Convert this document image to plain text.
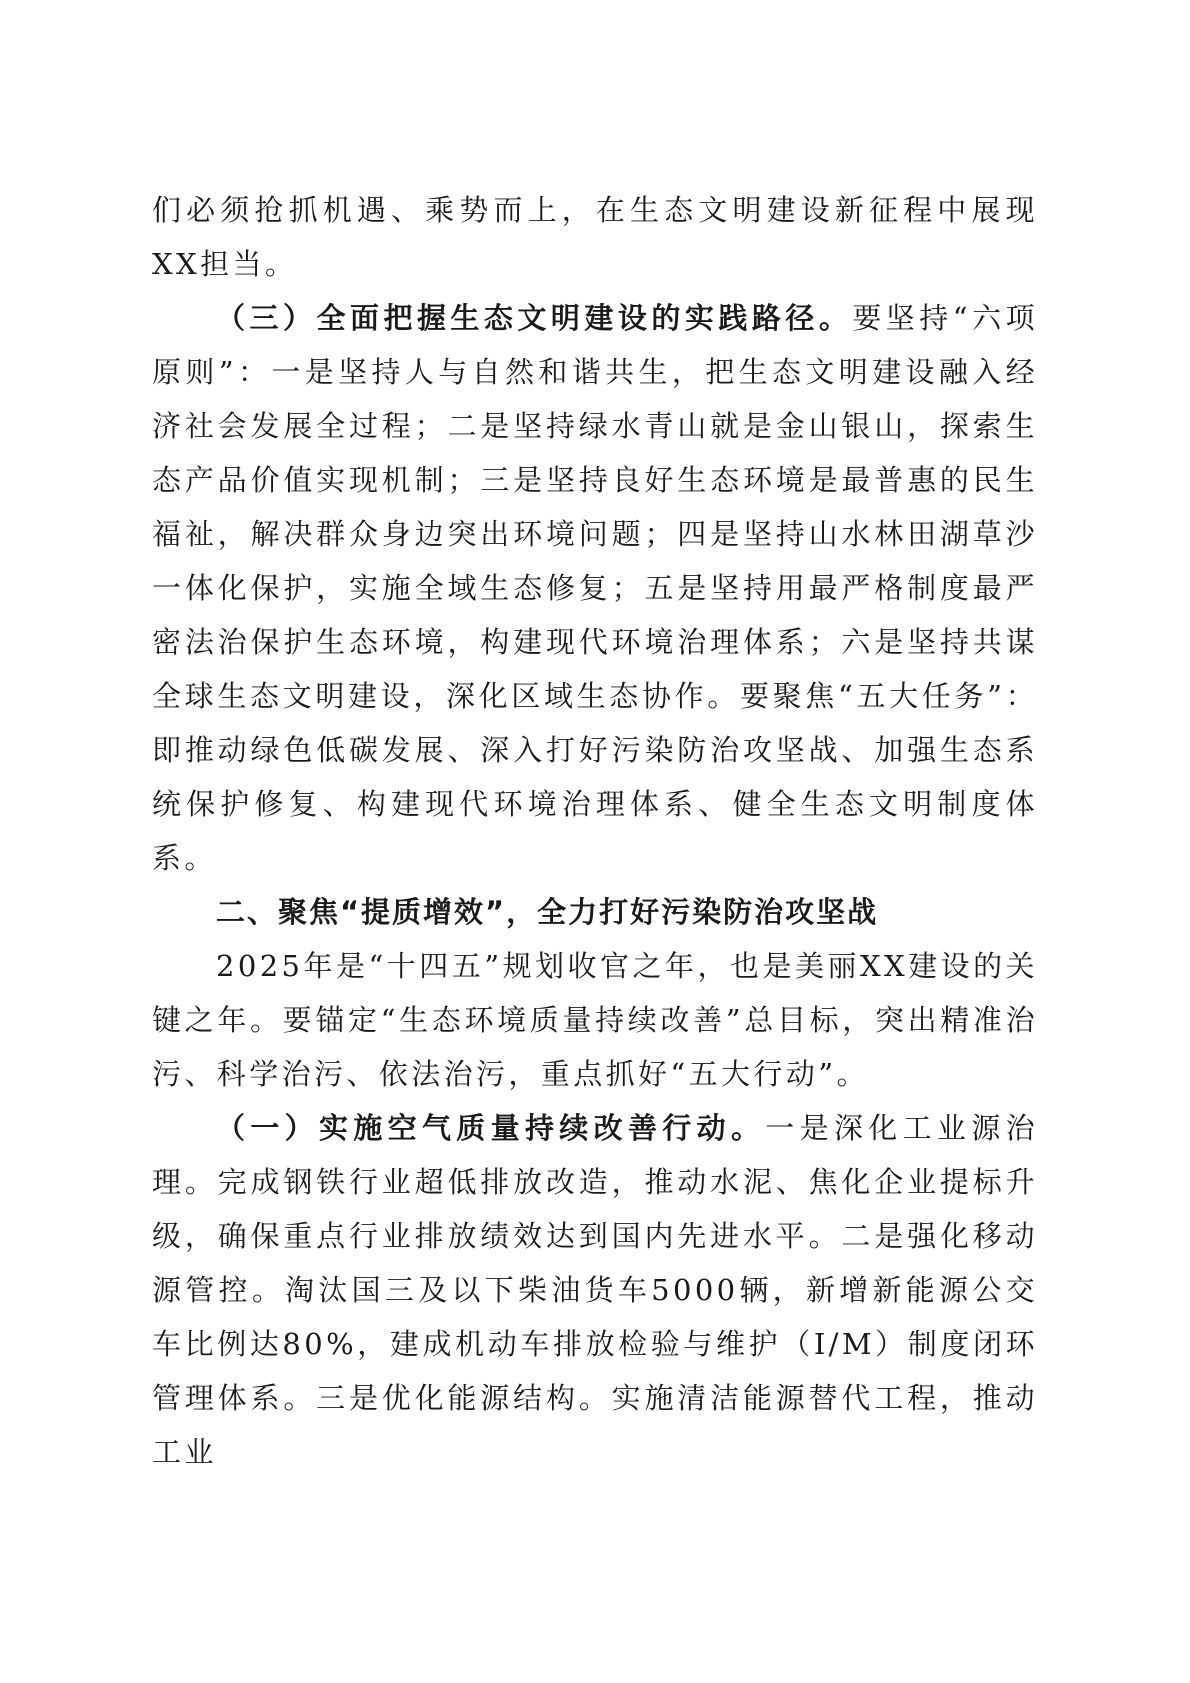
们必须抢抓机遇、乘势而上，在生态文明建设新征程中展现XX担当。

（三）全面把握生态文明建设的实践路径。要坚持“六项原则”：一是坚持人与自然和谐共生，把生态文明建设融入经济社会发展全过程；二是坚持绿水青山就是金山银山，探索生态产品价值实现机制；三是坚持良好生态环境是最普惠的民生福祉，解决群众身边突出环境问题；四是坚持山水林田湖草沙一体化保护，实施全域生态修复；五是坚持用最严格制度最严密法治保护生态环境，构建现代环境治理体系；六是坚持共谋全球生态文明建设，深化区域生态协作。要聚焦“五大任务”：即推动绿色低碳发展、深入打好污染防治攻坚战、加强生态系统保护修复、构建现代环境治理体系、健全生态文明制度体系。

二、聚焦“提质增效”，全力打好污染防治攻坚战

2025年是“十四五”规划收官之年，也是美丽XX建设的关键之年。要锚定“生态环境质量持续改善”总目标，突出精准治污、科学治污、依法治污，重点抓好“五大行动”。

（一）实施空气质量持续改善行动。一是深化工业源治理。完成钢铁行业超低排放改造，推动水泥、焦化企业提标升级，确保重点行业排放绩效达到国内先进水平。二是强化移动源管控。淘汰国三及以下柴油货车5000辆，新增新能源公交车比例达80%，建成机动车排放检验与维护（I/M）制度闭环管理体系。三是优化能源结构。实施清洁能源替代工程，推动工业
